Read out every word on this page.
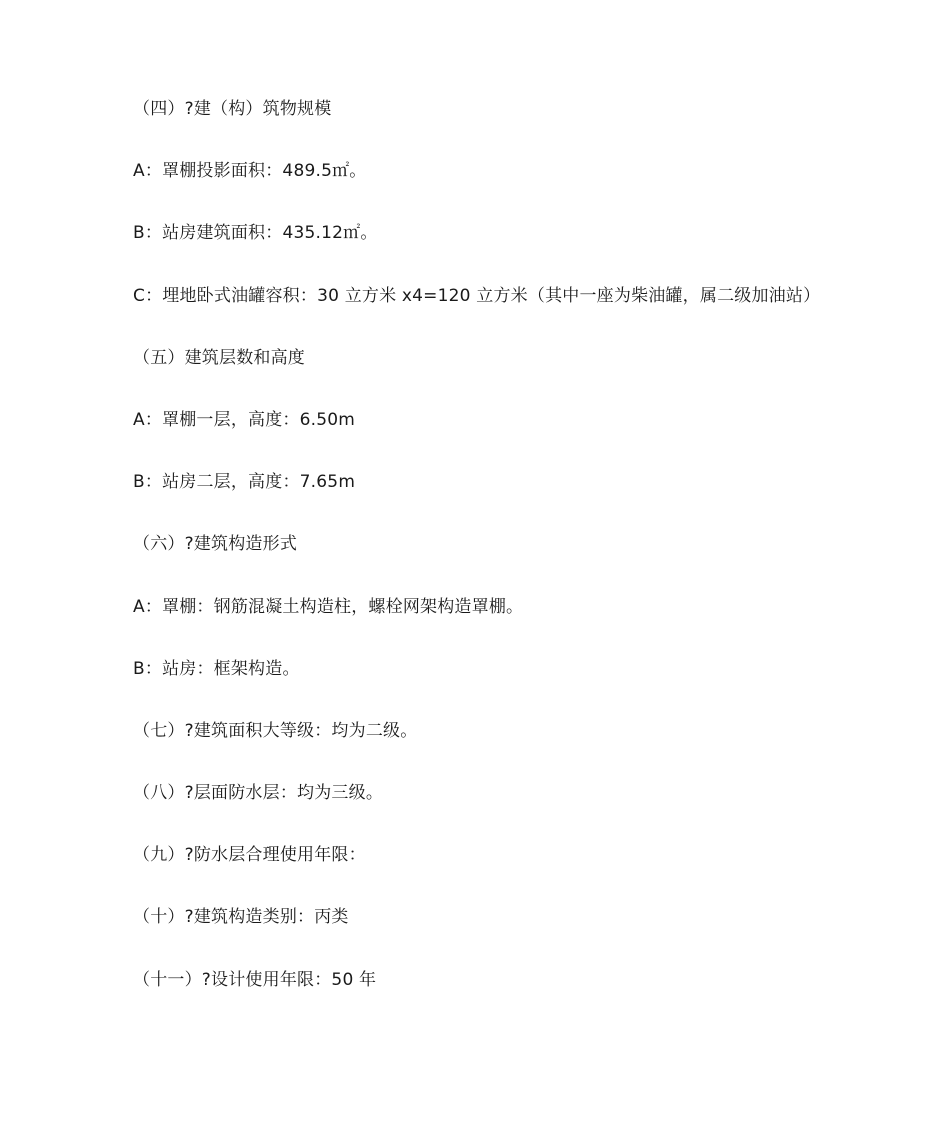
（四）?建（构）筑物规模
A：罩棚投影面积：489.5㎡。
B：站房建筑面积：435.12㎡。
C：埋地卧式油罐容积：30 立方米 x4=120 立方米（其中一座为柴油罐，属二级加油站）
（五）建筑层数和高度
A：罩棚一层，高度：6.50m
B：站房二层，高度：7.65m
（六）?建筑构造形式
A：罩棚：钢筋混凝土构造柱，螺栓网架构造罩棚。
B：站房：框架构造。
（七）?建筑面积大等级：均为二级。
（八）?层面防水层：均为三级。
（九）?防水层合理使用年限：
（十）?建筑构造类别：丙类
（十一）?设计使用年限：50 年
